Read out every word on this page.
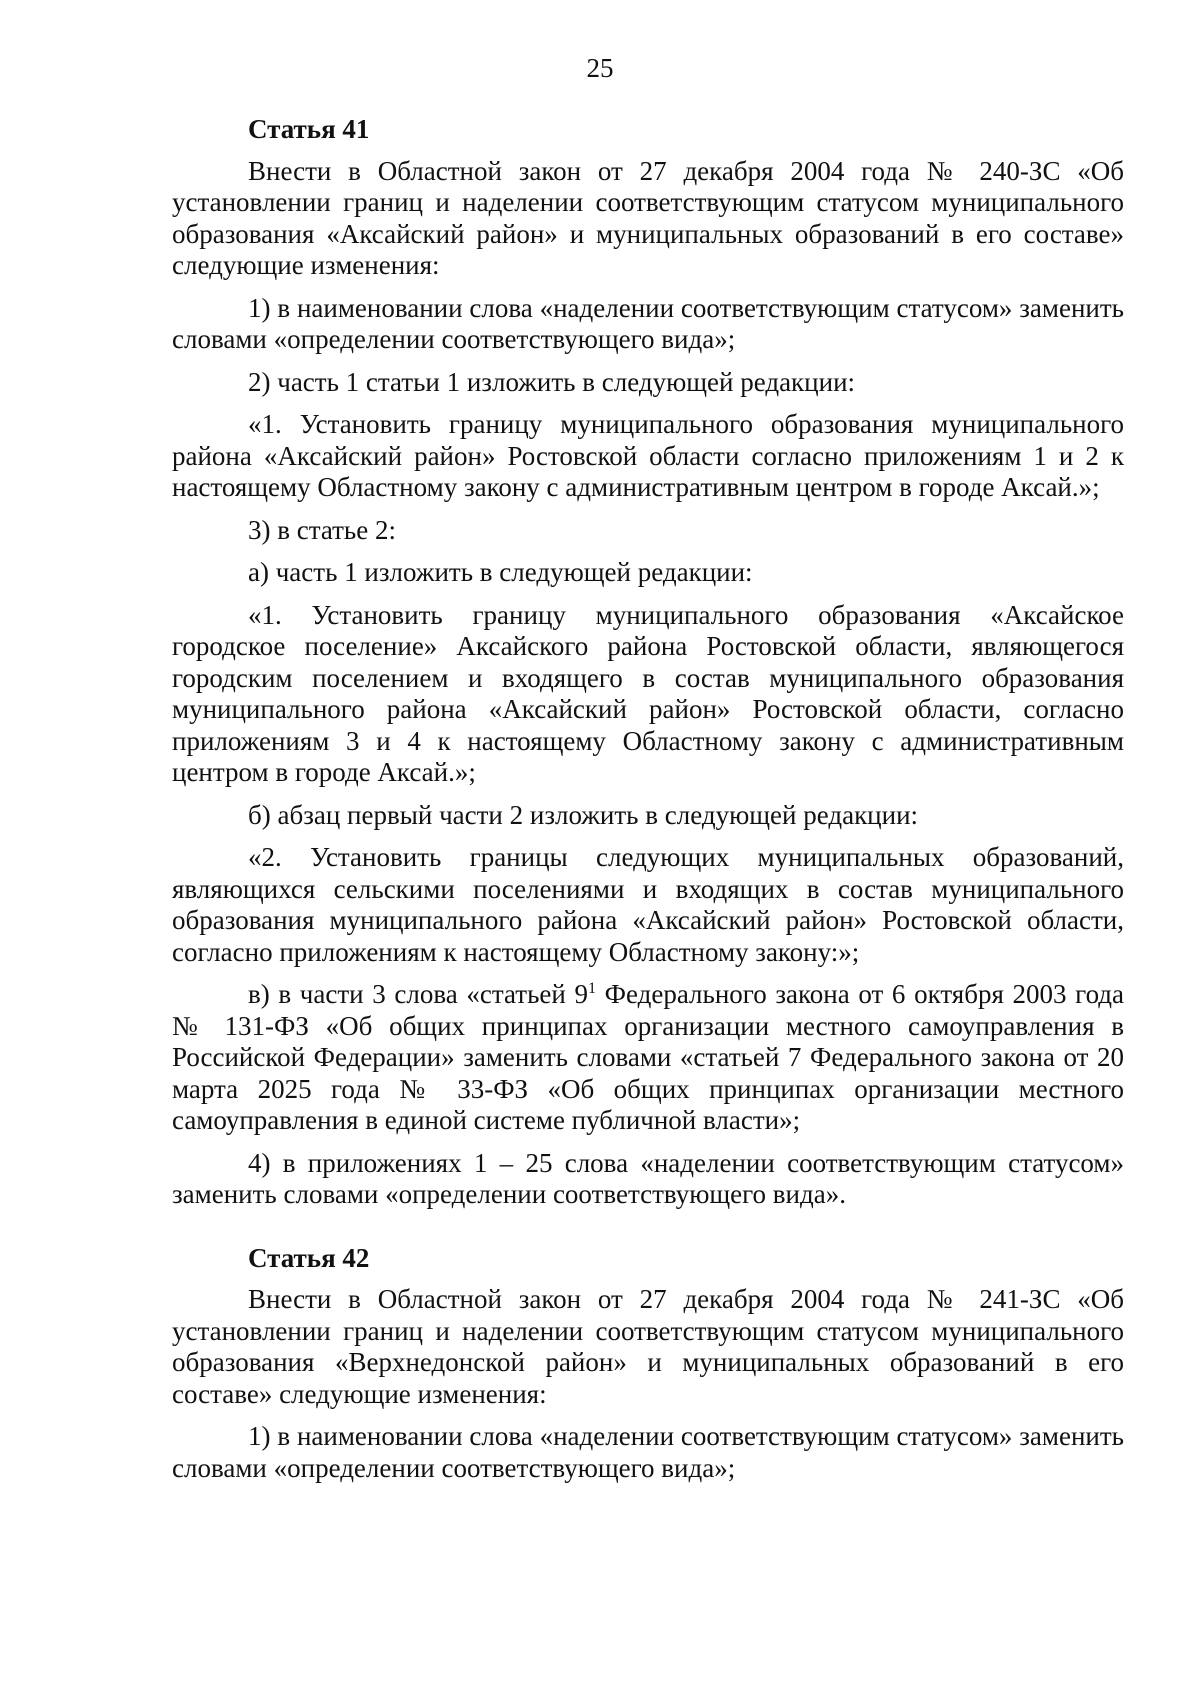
25
Статья 41

Внести в Областной закон от 27 декабря 2004 года № 240-ЗС «Об установлении границ и наделении соответствующим статусом муниципального образования «Аксайский район» и муниципальных образований в его составе» следующие изменения:

1) в наименовании слова «наделении соответствующим статусом» заменить словами «определении соответствующего вида»;

2) часть 1 статьи 1 изложить в следующей редакции:

«1. Установить границу муниципального образования муниципального района «Аксайский район» Ростовской области согласно приложениям 1 и 2 к настоящему Областному закону с административным центром в городе Аксай.»;

3) в статье 2:

а) часть 1 изложить в следующей редакции:

«1. Установить границу муниципального образования «Аксайское городское поселение» Аксайского района Ростовской области, являющегося городским поселением и входящего в состав муниципального образования муниципального района «Аксайский район» Ростовской области, согласно приложениям 3 и 4 к настоящему Областному закону с административным центром в городе Аксай.»;

б) абзац первый части 2 изложить в следующей редакции:

«2. Установить границы следующих муниципальных образований, являющихся сельскими поселениями и входящих в состав муниципального образования муниципального района «Аксайский район» Ростовской области, согласно приложениям к настоящему Областному закону:»;

в) в части 3 слова «статьей $9^1$ Федерального закона от 6 октября 2003 года № 131-ФЗ «Об общих принципах организации местного самоуправления в Российской Федерации» заменить словами «статьей 7 Федерального закона от 20 марта 2025 года № 33-ФЗ «Об общих принципах организации местного самоуправления в единой системе публичной власти»;

4) в приложениях 1 – 25 слова «наделении соответствующим статусом» заменить словами «определении соответствующего вида».

Статья 42

Внести в Областной закон от 27 декабря 2004 года № 241-ЗС «Об установлении границ и наделении соответствующим статусом муниципального образования «Верхнедонской район» и муниципальных образований в его составе» следующие изменения:

1) в наименовании слова «наделении соответствующим статусом» заменить словами «определении соответствующего вида»;
